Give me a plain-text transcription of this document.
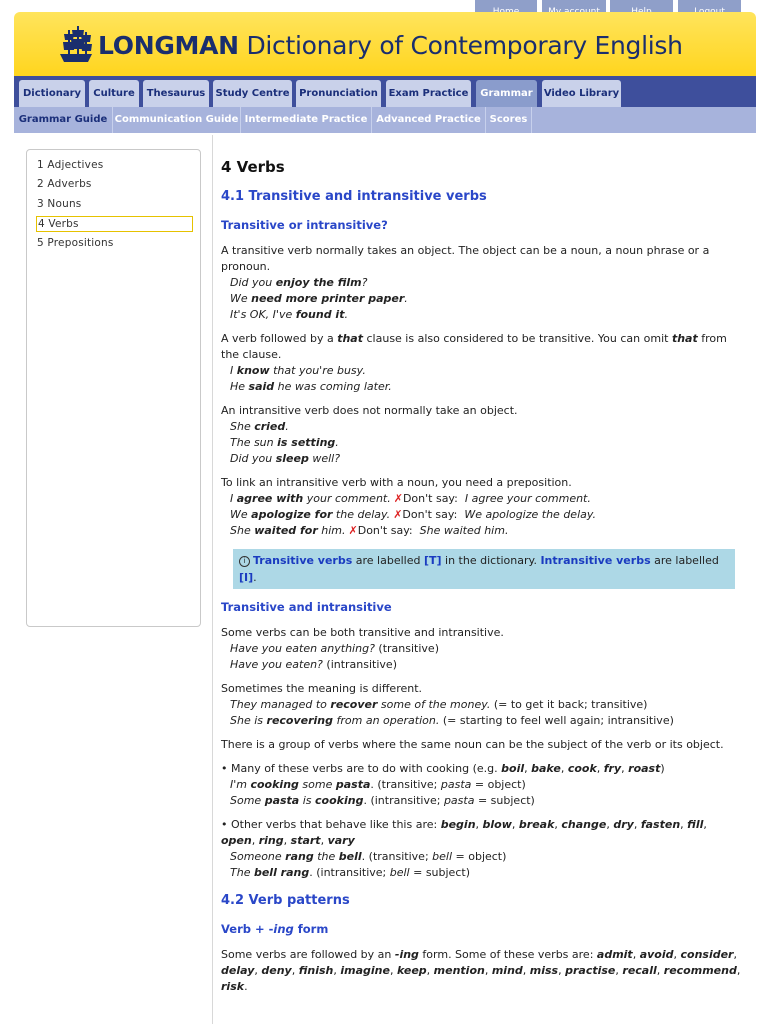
LONGMAN Dictionary of Contemporary English
Dictionary	Culture	Thesaurus	Study Centre Pronunciation	Exam Practice	Grammar	Video Library
Grammar Guide Communication Guide Intermediate Practice Advanced Practice Scores
1 Adjectives
2 Adverbs
3 Nouns
4 Verbs
5 Prepositions
4 Verbs
4.1 Transitive and intransitive verbs
Transitive or intransitive?

A transitive verb normally takes an object. The object can be a noun, a noun phrase or a pronoun.

Did you enjoy the film?
We need more printer paper.
It's OK, I've found it.

A verb followed by a that clause is also considered to be transitive. You can omit that from the clause.

I know that you're busy.
He said he was coming later.

An intransitive verb does not normally take an object.

She cried.
The sun is setting.
Did you sleep well?

To link an intransitive verb with a noun, you need a preposition.

I agree with your comment. ✗Don't say: I agree your comment.
We apologize for the delay. ✗Don't say: We apologize the delay.
She waited for him. ✗Don't say: She waited him.
i Transitive verbs are labelled [T] in the dictionary. Intransitive verbs are labelled [I].
Transitive and intransitive

Some verbs can be both transitive and intransitive.

Have you eaten anything? (transitive)
Have you eaten? (intransitive)

Sometimes the meaning is different.

They managed to recover some of the money. (= to get it back; transitive)
She is recovering from an operation. (= starting to feel well again; intransitive)

There is a group of verbs where the same noun can be the subject of the verb or its object.

• Many of these verbs are to do with cooking (e.g. boil, bake, cook, fry, roast)

I'm cooking some pasta. (transitive; pasta = object)
Some pasta is cooking. (intransitive; pasta = subject)

• Other verbs that behave like this are: begin, blow, break, change, dry, fasten, fill, open, ring, start, vary

Someone rang the bell. (transitive; bell = object)
The bell rang. (intransitive; bell = subject)
4.2 Verb patterns
Verb + -ing form

Some verbs are followed by an -ing form. Some of these verbs are: admit, avoid, consider, delay, deny, finish, imagine, keep, mention, mind, miss, practise, recall, recommend, risk.
